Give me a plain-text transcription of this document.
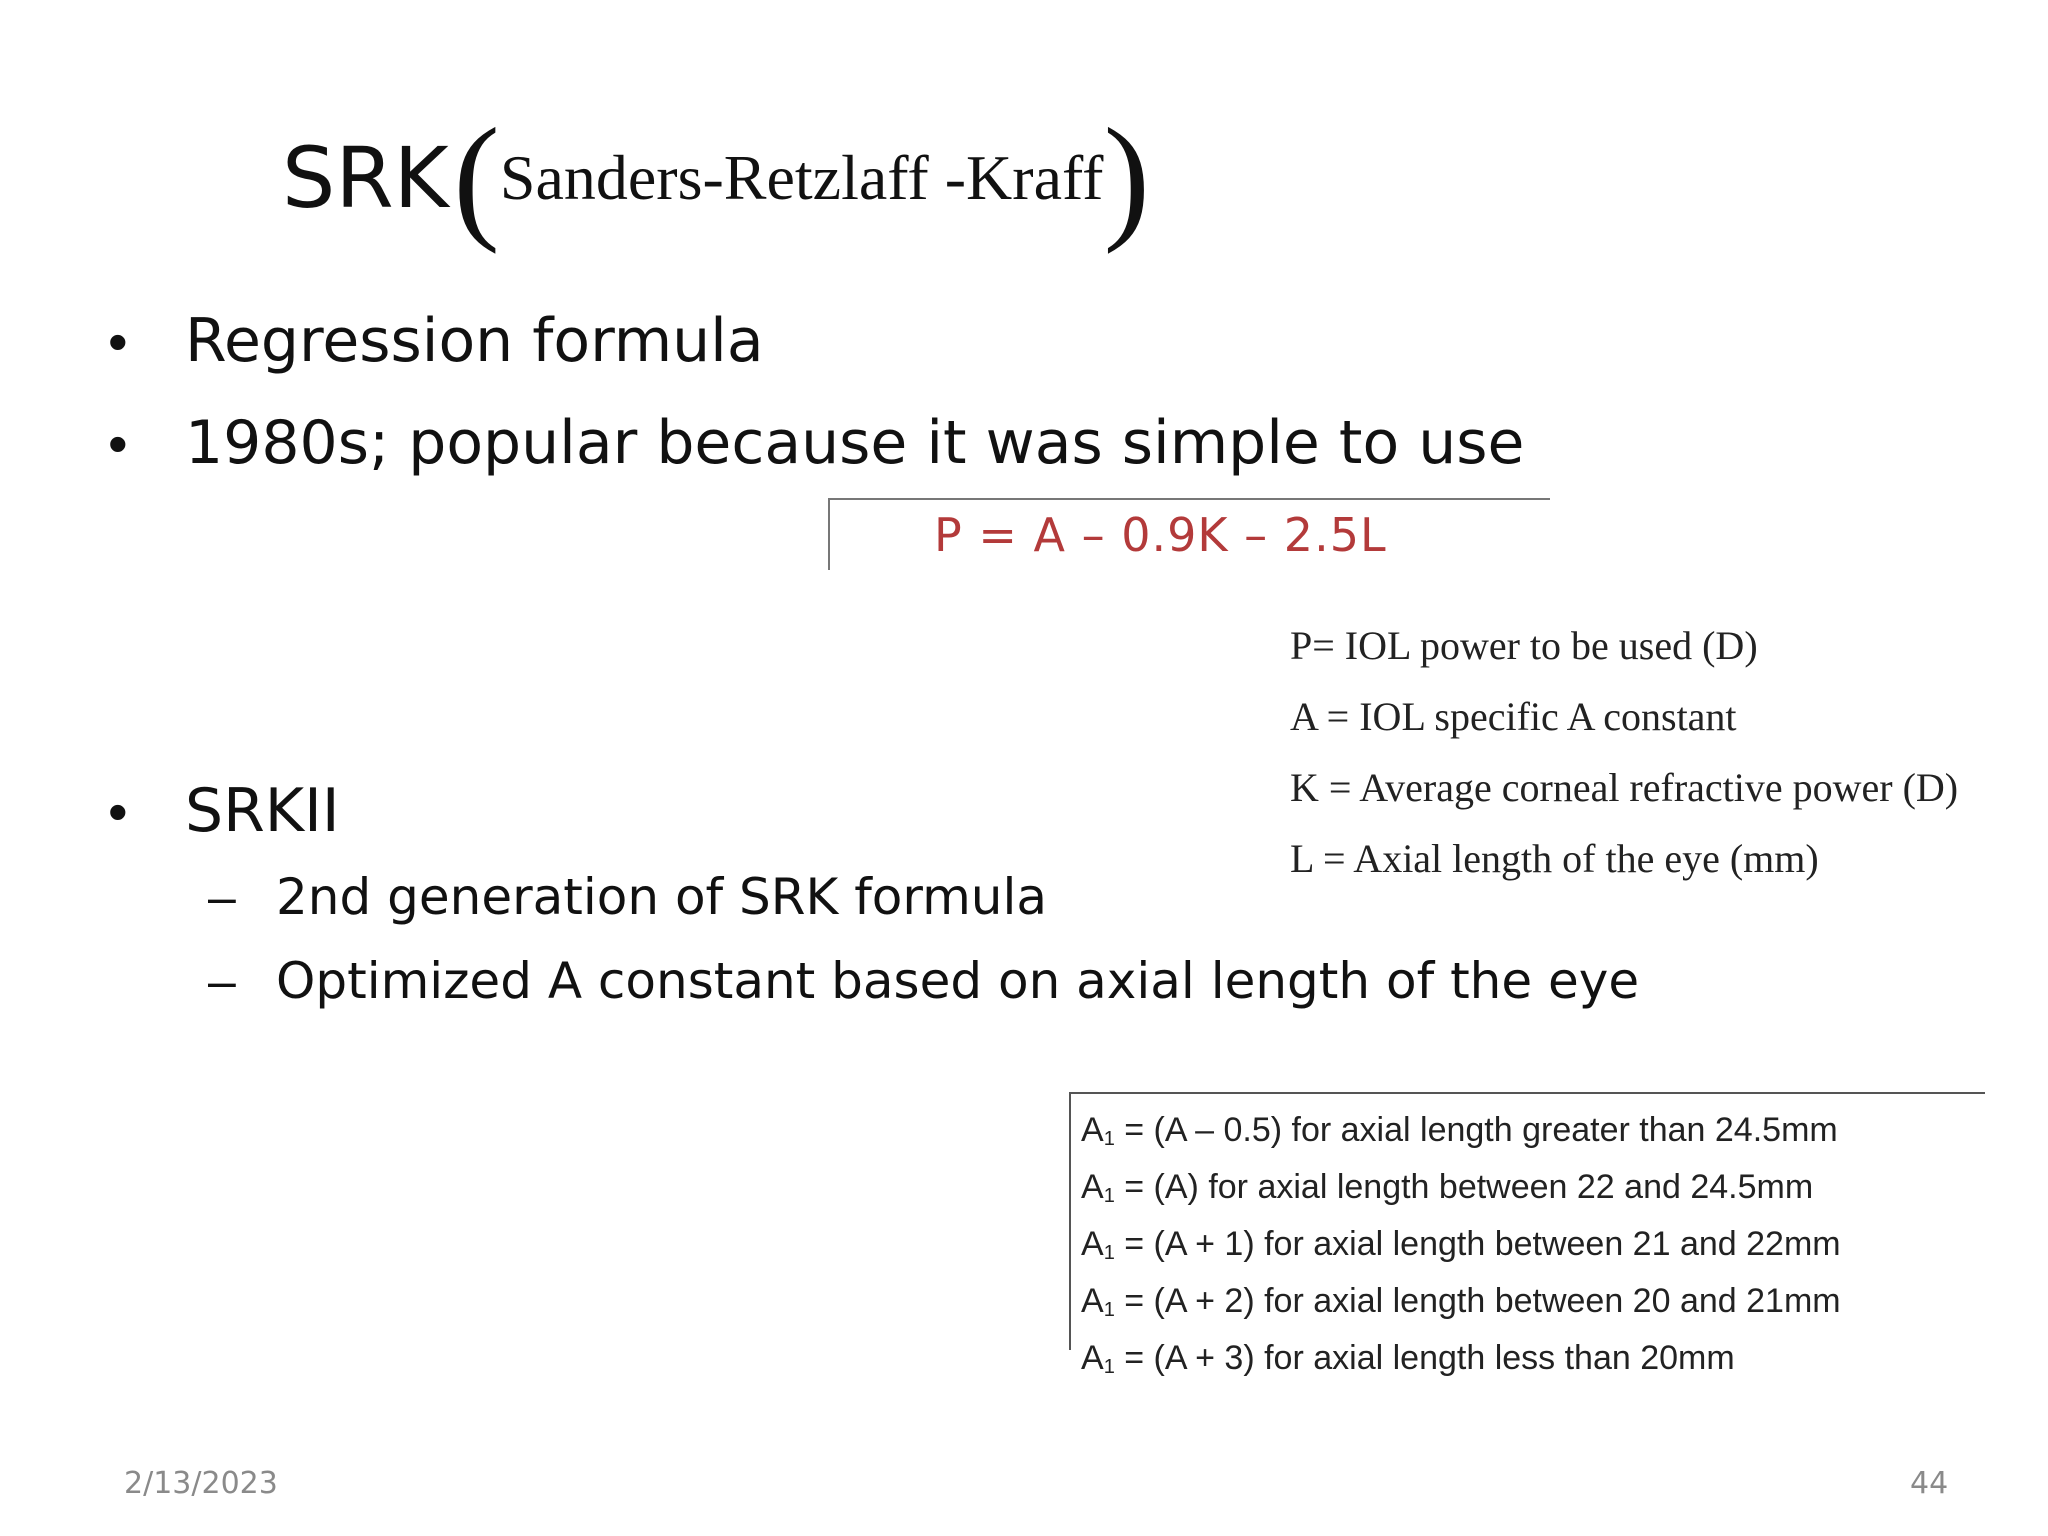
SRK (Sanders-Retzlaff -Kraff)
• Regression formula
• 1980s; popular because it was simple to use
• SRKII
– 2nd generation of SRK formula
– Optimized A constant based on axial length of the eye
P = A – 0.9K – 2.5L
P= IOL power to be used (D)
A = IOL specific A constant
K = Average corneal refractive power (D)
L = Axial length of the eye (mm)
A1 = (A – 0.5) for axial length greater than 24.5mm
A1 = (A) for axial length between 22 and 24.5mm
A1 = (A + 1) for axial length between 21 and 22mm
A1 = (A + 2) for axial length between 20 and 21mm
A1 = (A + 3) for axial length less than 20mm
2/13/2023	44
